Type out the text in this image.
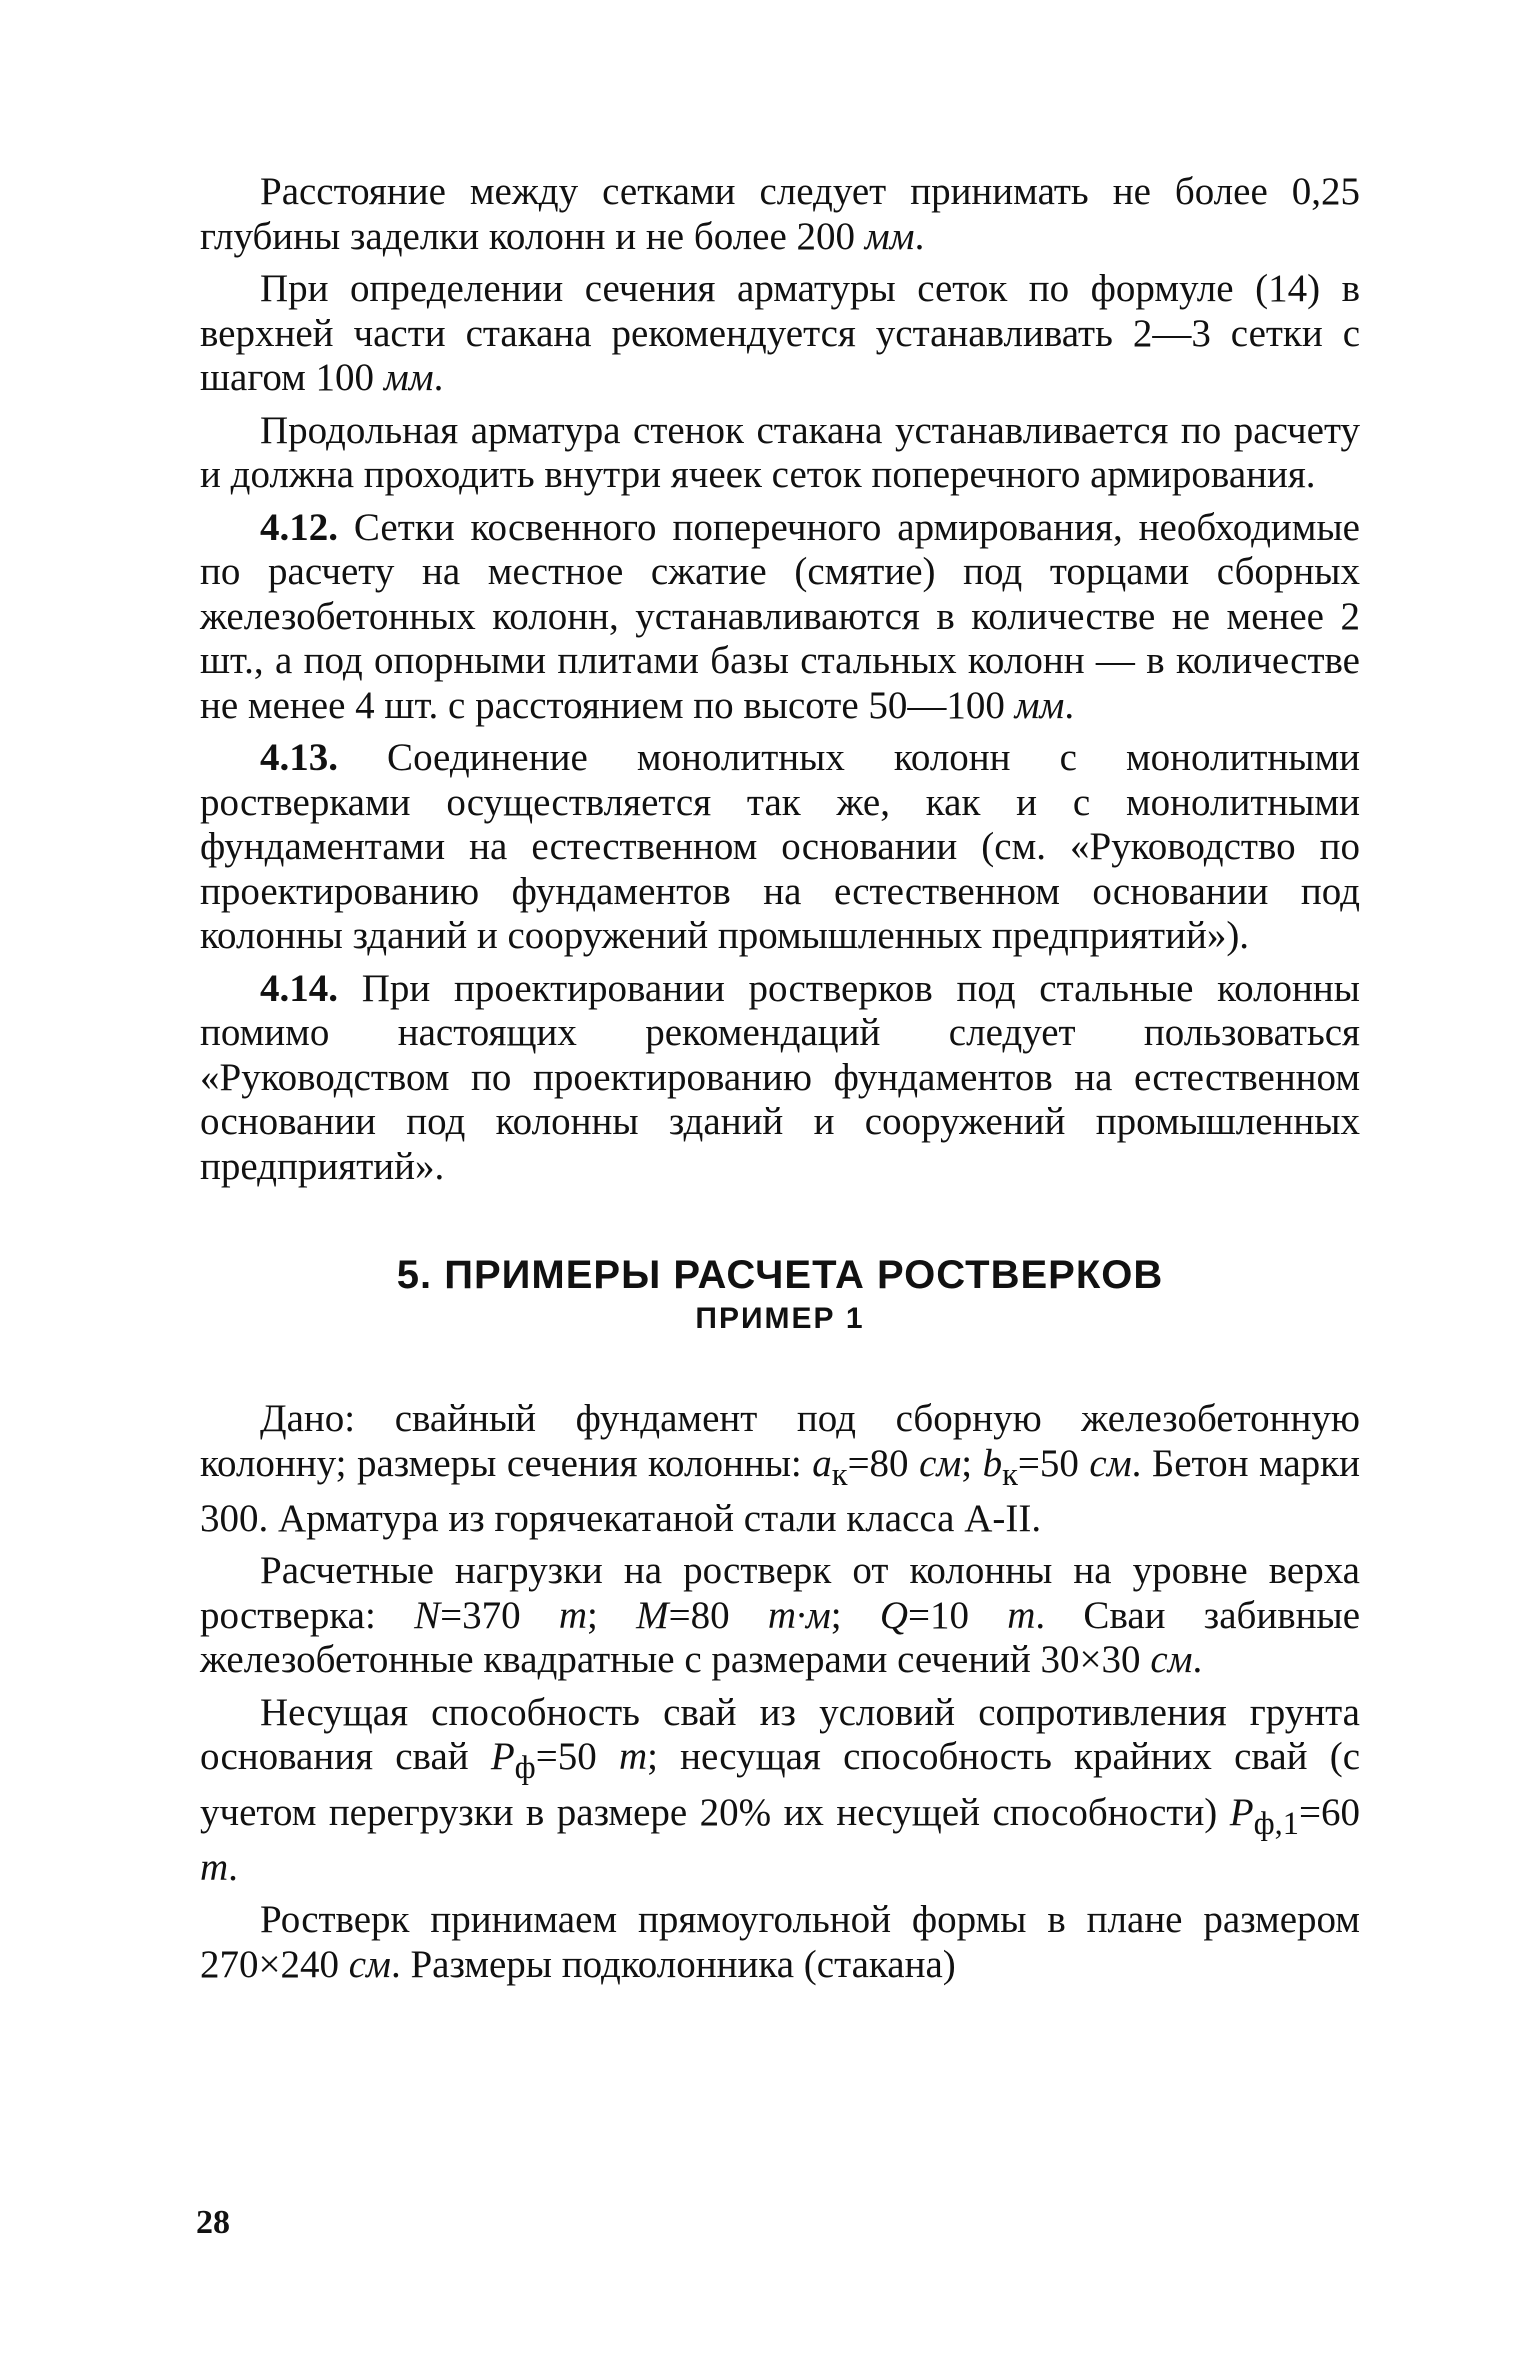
Расстояние между сетками следует принимать не более 0,25 глубины заделки колонн и не более 200 мм.

При определении сечения арматуры сеток по формуле (14) в верхней части стакана рекомендуется устанавливать 2—3 сетки с шагом 100 мм.

Продольная арматура стенок стакана устанавливается по расчету и должна проходить внутри ячеек сеток поперечного армирования.

4.12. Сетки косвенного поперечного армирования, необходимые по расчету на местное сжатие (смятие) под торцами сборных железобетонных колонн, устанавливаются в количестве не менее 2 шт., а под опорными плитами базы стальных колонн — в количестве не менее 4 шт. с расстоянием по высоте 50—100 мм.

4.13. Соединение монолитных колонн с монолитными ростверками осуществляется так же, как и с монолитными фундаментами на естественном основании (см. «Руководство по проектированию фундаментов на естественном основании под колонны зданий и сооружений промышленных предприятий»).

4.14. При проектировании ростверков под стальные колонны помимо настоящих рекомендаций следует пользоваться «Руководством по проектированию фундаментов на естественном основании под колонны зданий и сооружений промышленных предприятий».

5. ПРИМЕРЫ РАСЧЕТА РОСТВЕРКОВ
ПРИМЕР 1

Дано: свайный фундамент под сборную железобетонную колонну; размеры сечения колонны: $а_к=80$ см; $b_к=50$ см. Бетон марки 300. Арматура из горячекатаной стали класса А-II.

Расчетные нагрузки на ростверк от колонны на уровне верха ростверка: N=370 т; M=80 т·м; Q=10 т. Сваи забивные железобетонные квадратные с размерами сечений 30×30 см.

Несущая способность свай из условий сопротивления грунта основания свай $P_ф=50$ т; несущая способность крайних свай (с учетом перегрузки в размере 20% их несущей способности) $P_{ф,1}=60$ т.

Ростверк принимаем прямоугольной формы в плане размером 270×240 см. Размеры подколонника (стакана)

28
